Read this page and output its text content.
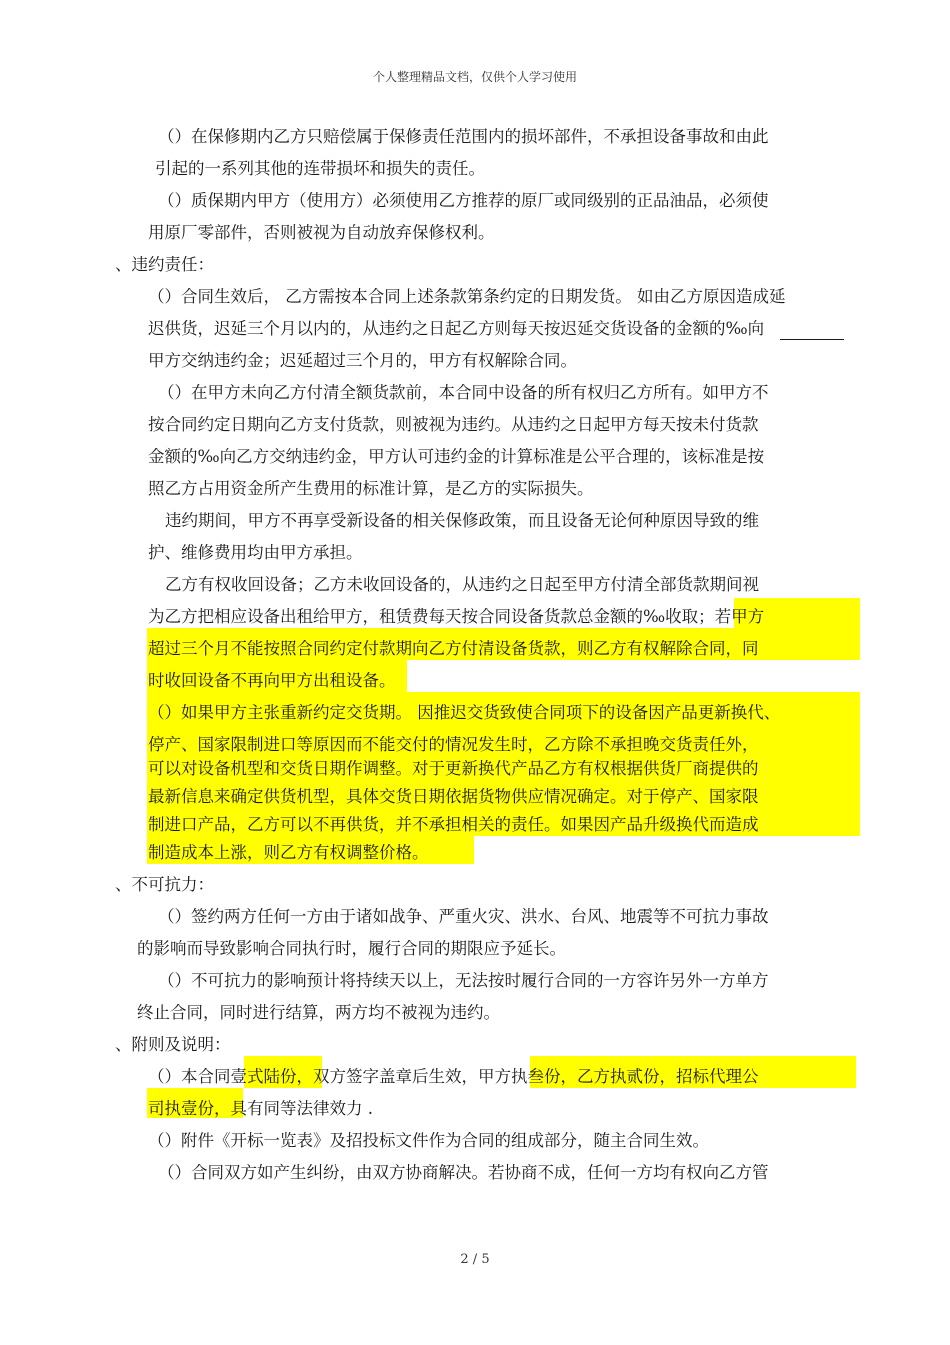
个人整理精品文档，仅供个人学习使用
（）在保修期内乙方只赔偿属于保修责任范围内的损坏部件，不承担设备事故和由此
引起的一系列其他的连带损坏和损失的责任。
（）质保期内甲方（使用方）必须使用乙方推荐的原厂或同级别的正品油品，必须使
用原厂零部件，否则被视为自动放弃保修权利。
、违约责任：
（）合同生效后， 乙方需按本合同上述条款第条约定的日期发货。 如由乙方原因造成延
迟供货，迟延三个月以内的，从违约之日起乙方则每天按迟延交货设备的金额的‰向
甲方交纳违约金；迟延超过三个月的，甲方有权解除合同。
（）在甲方未向乙方付清全额货款前，本合同中设备的所有权归乙方所有。如甲方不
按合同约定日期向乙方支付货款，则被视为违约。从违约之日起甲方每天按未付货款
金额的‰向乙方交纳违约金，甲方认可违约金的计算标准是公平合理的，该标准是按
照乙方占用资金所产生费用的标准计算，是乙方的实际损失。
违约期间，甲方不再享受新设备的相关保修政策，而且设备无论何种原因导致的维
护、维修费用均由甲方承担。
乙方有权收回设备；乙方未收回设备的，从违约之日起至甲方付清全部货款期间视
为乙方把相应设备出租给甲方，租赁费每天按合同设备货款总金额的‰收取；若甲方
超过三个月不能按照合同约定付款期向乙方付清设备货款，则乙方有权解除合同，同
时收回设备不再向甲方出租设备。
（）如果甲方主张重新约定交货期。 因推迟交货致使合同项下的设备因产品更新换代、
停产、国家限制进口等原因而不能交付的情况发生时，乙方除不承担晚交货责任外，
可以对设备机型和交货日期作调整。对于更新换代产品乙方有权根据供货厂商提供的
最新信息来确定供货机型，具体交货日期依据货物供应情况确定。对于停产、国家限
制进口产品，乙方可以不再供货，并不承担相关的责任。如果因产品升级换代而造成
制造成本上涨，则乙方有权调整价格。
、不可抗力：
（）签约两方任何一方由于诸如战争、严重火灾、洪水、台风、地震等不可抗力事故
的影响而导致影响合同执行时，履行合同的期限应予延长。
（）不可抗力的影响预计将持续天以上，无法按时履行合同的一方容许另外一方单方
终止合同，同时进行结算，两方均不被视为违约。
、附则及说明：
（）本合同壹式陆份，双方签字盖章后生效，甲方执叁份，乙方执贰份，招标代理公
司执壹份，具有同等法律效力 .
（）附件《开标一览表》及招投标文件作为合同的组成部分，随主合同生效。
（）合同双方如产生纠纷，由双方协商解决。若协商不成，任何一方均有权向乙方管
2 / 5
